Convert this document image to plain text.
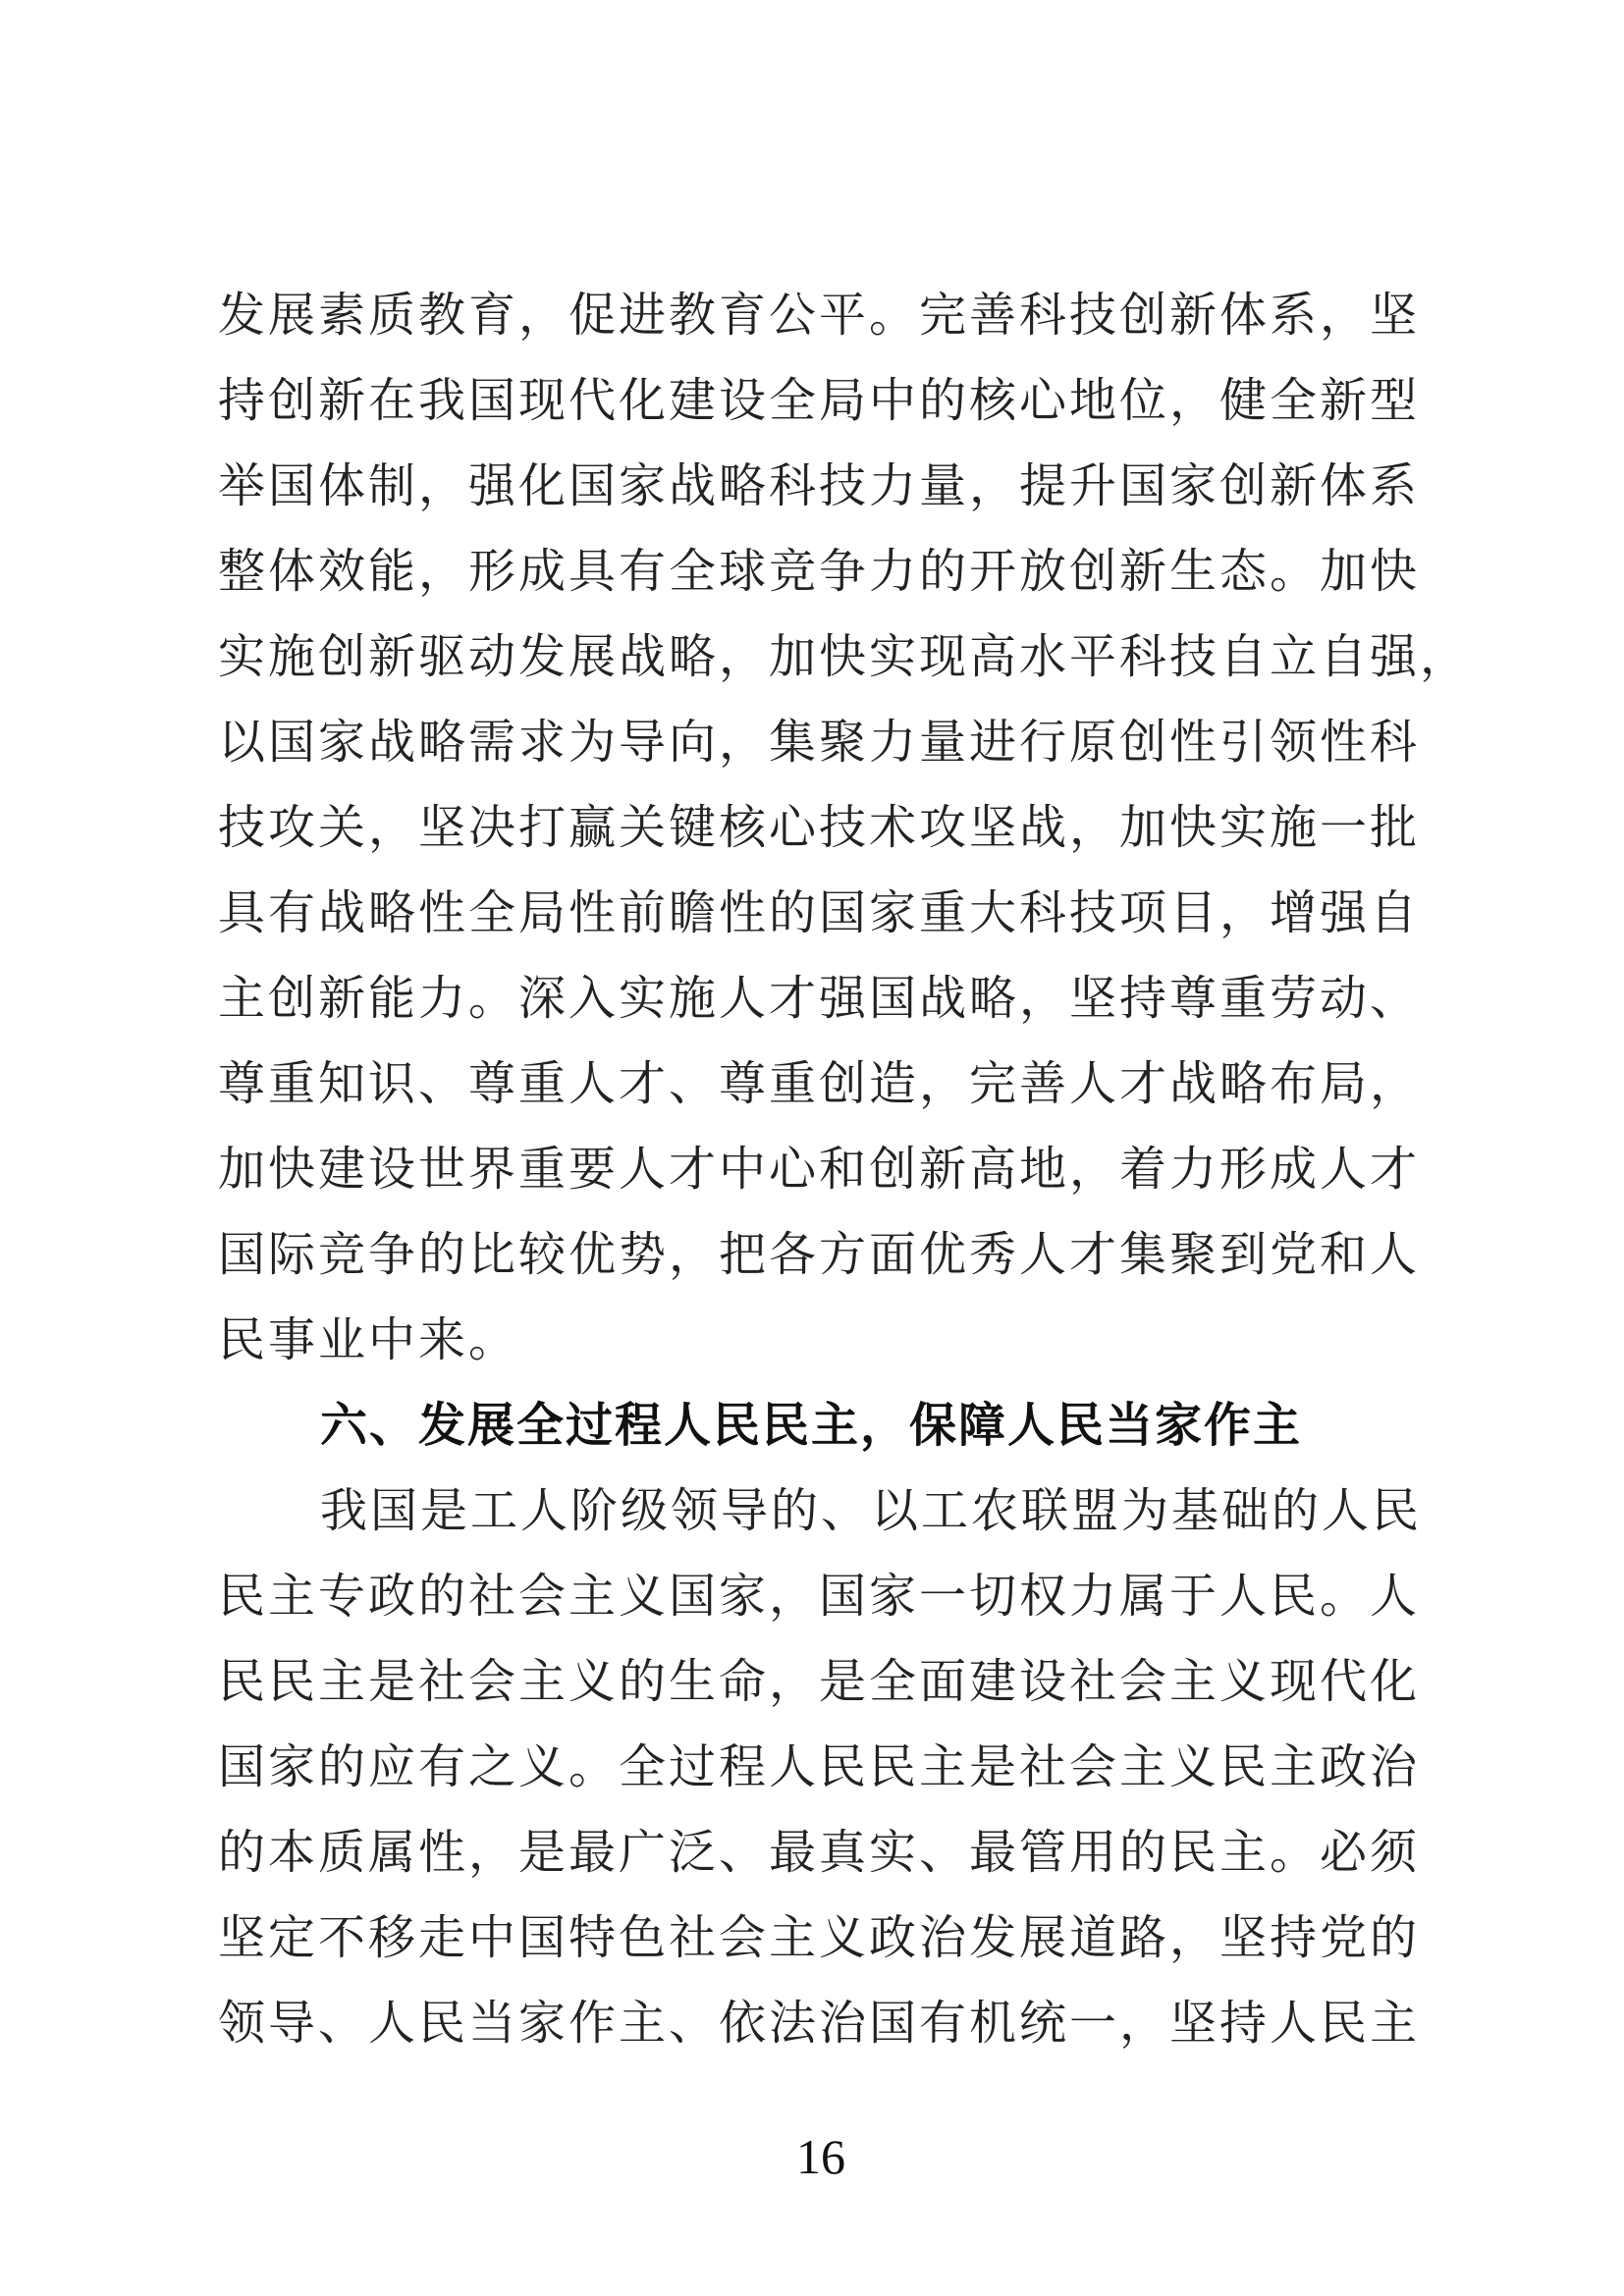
发展素质教育，促进教育公平。完善科技创新体系，坚
持创新在我国现代化建设全局中的核心地位，健全新型
举国体制，强化国家战略科技力量，提升国家创新体系
整体效能，形成具有全球竞争力的开放创新生态。加快
实施创新驱动发展战略，加快实现高水平科技自立自强，
以国家战略需求为导向，集聚力量进行原创性引领性科
技攻关，坚决打赢关键核心技术攻坚战，加快实施一批
具有战略性全局性前瞻性的国家重大科技项目，增强自
主创新能力。深入实施人才强国战略，坚持尊重劳动、
尊重知识、尊重人才、尊重创造，完善人才战略布局，
加快建设世界重要人才中心和创新高地，着力形成人才
国际竞争的比较优势，把各方面优秀人才集聚到党和人
民事业中来。
六、发展全过程人民民主，保障人民当家作主
我国是工人阶级领导的、以工农联盟为基础的人民
民主专政的社会主义国家，国家一切权力属于人民。人
民民主是社会主义的生命，是全面建设社会主义现代化
国家的应有之义。全过程人民民主是社会主义民主政治
的本质属性，是最广泛、最真实、最管用的民主。必须
坚定不移走中国特色社会主义政治发展道路，坚持党的
领导、人民当家作主、依法治国有机统一，坚持人民主
16
